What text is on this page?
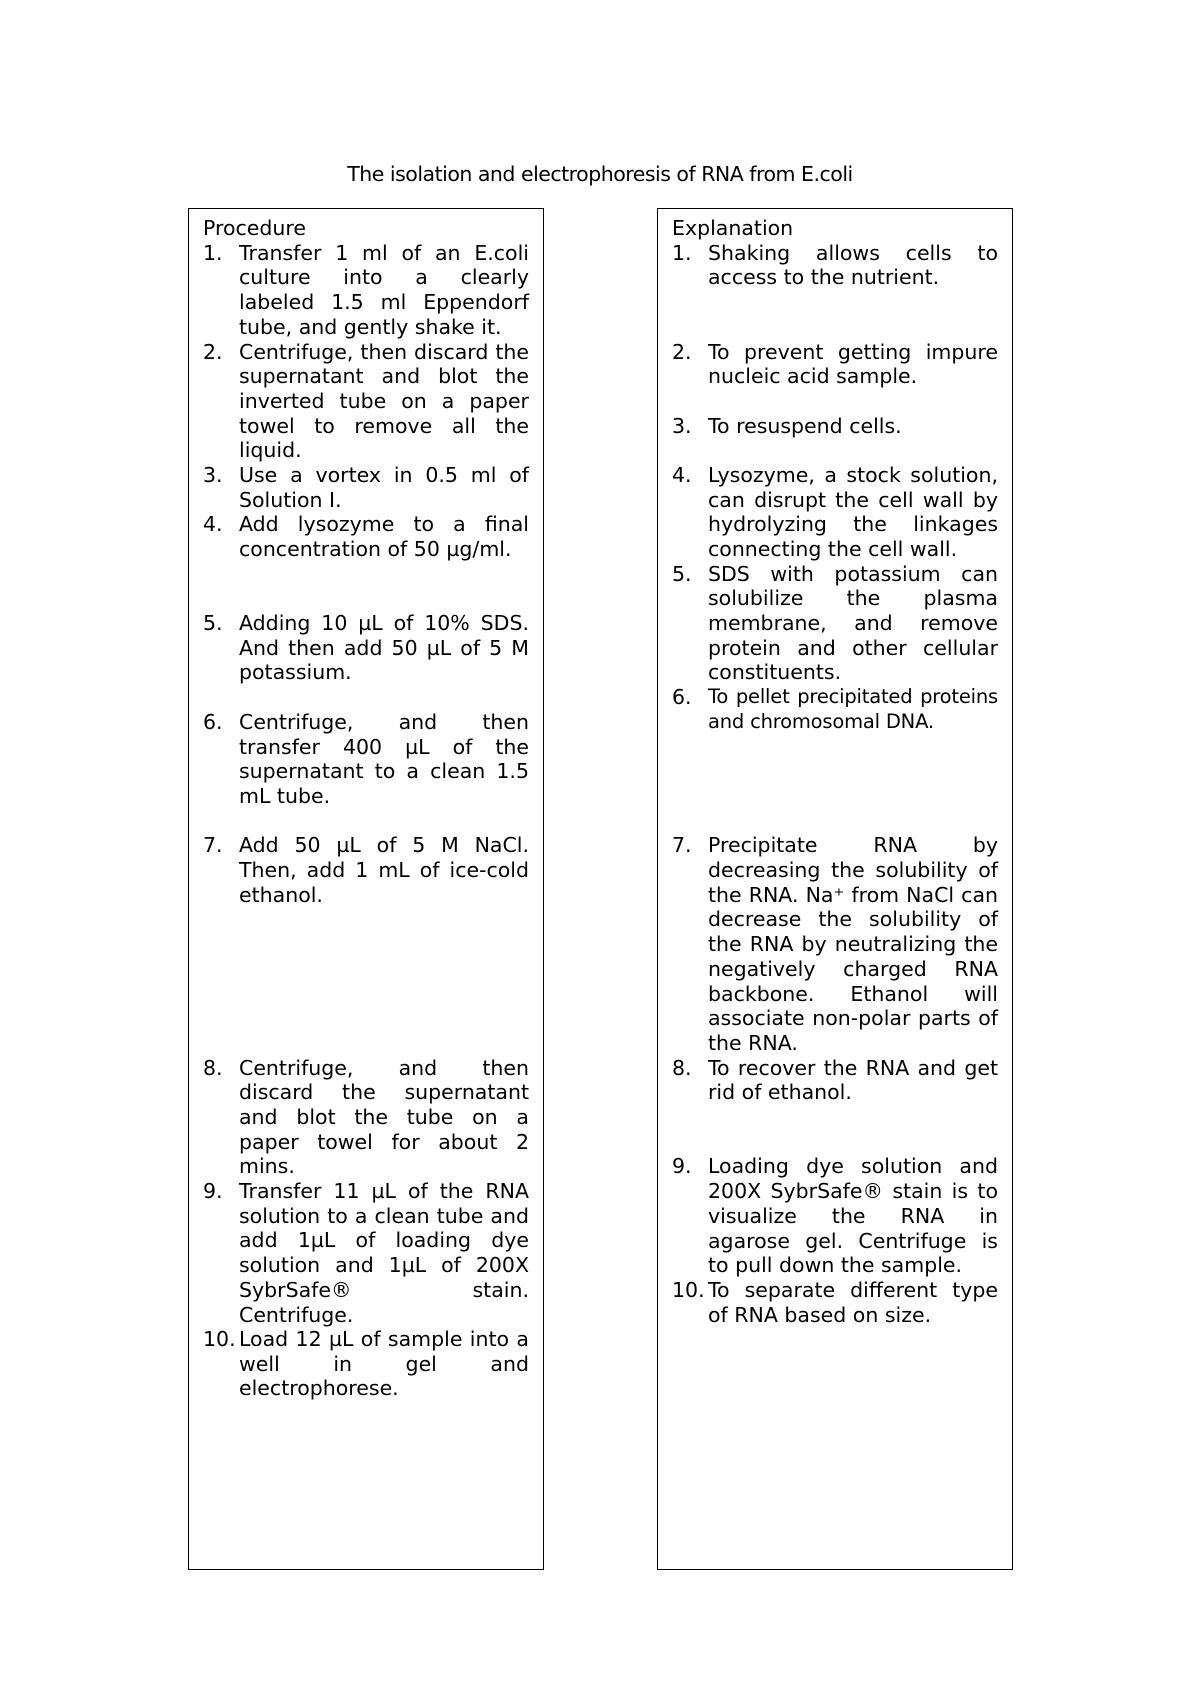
The isolation and electrophoresis of RNA from E.coli
Procedure
1. Transfer 1 ml of an E.coli culture into a clearly labeled 1.5 ml Eppendorf tube, and gently shake it.
2. Centrifuge, then discard the supernatant and blot the inverted tube on a paper towel to remove all the liquid.
3. Use a vortex in 0.5 ml of Solution I.
4. Add lysozyme to a final concentration of 50 µg/ml.
5. Adding 10 µL of 10% SDS. And then add 50 µL of 5 M potassium.
6. Centrifuge, and then transfer 400 µL of the supernatant to a clean 1.5 mL tube.
7. Add 50 µL of 5 M NaCl. Then, add 1 mL of ice-cold ethanol.
8. Centrifuge, and then discard the supernatant and blot the tube on a paper towel for about 2 mins.
9. Transfer 11 µL of the RNA solution to a clean tube and add 1µL of loading dye solution and 1µL of 200X SybrSafe® stain. Centrifuge.
10. Load 12 µL of sample into a well in gel and electrophorese.
Explanation
1. Shaking allows cells to access to the nutrient.
2. To prevent getting impure nucleic acid sample.
3. To resuspend cells.
4. Lysozyme, a stock solution, can disrupt the cell wall by hydrolyzing the linkages connecting the cell wall.
5. SDS with potassium can solubilize the plasma membrane, and remove protein and other cellular constituents.
6. To pellet precipitated proteins and chromosomal DNA.
7. Precipitate RNA by decreasing the solubility of the RNA. Na⁺ from NaCl can decrease the solubility of the RNA by neutralizing the negatively charged RNA backbone. Ethanol will associate non-polar parts of the RNA.
8. To recover the RNA and get rid of ethanol.
9. Loading dye solution and 200X SybrSafe® stain is to visualize the RNA in agarose gel. Centrifuge is to pull down the sample.
10. To separate different type of RNA based on size.
